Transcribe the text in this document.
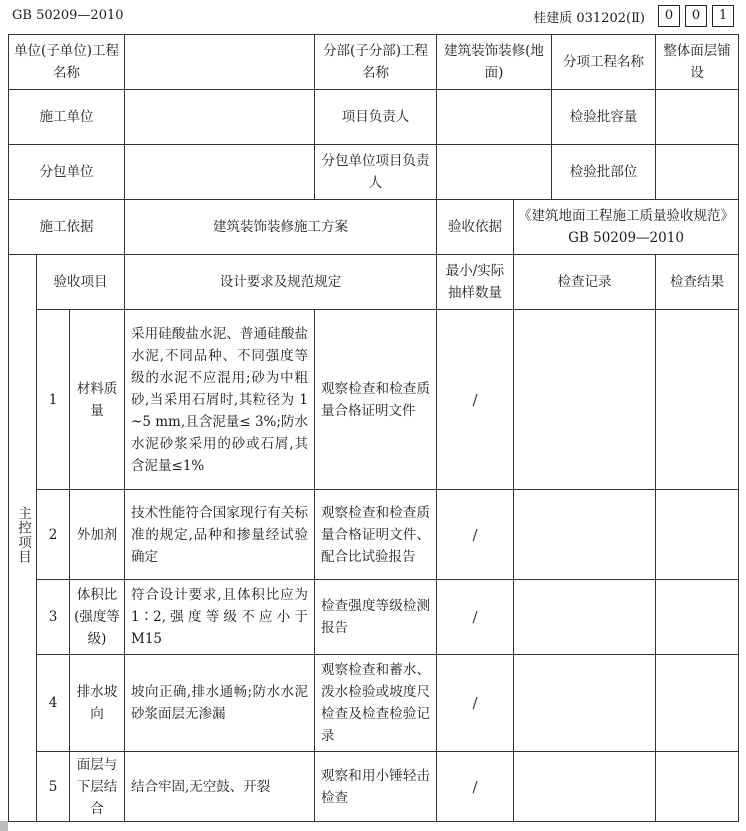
GB 50209—2010	桂建质 031202(Ⅱ)	0	0	1
单位(子单位)工程名称				分部(子分部)工程名称	建筑装饰装修(地面)		分项工程名称	整体面层铺设
施工单位				项目负责人			检验批容量	
分包单位				分包单位项目负责人			检验批部位	
施工依据			建筑装饰装修施工方案		验收依据	《建筑地面工程施工质量验收规范》GB 50209—2010		
主控项目	验收项目		设计要求及规范规定		最小/实际抽样数量	检查记录		检查结果
	1	材料质量	采用硅酸盐水泥、普通硅酸盐水泥,不同品种、不同强度等级的水泥不应混用;砂为中粗砂,当采用石屑时,其粒径为 1 ~5 mm,且含泥量≤ 3%;防水水泥砂浆采用的砂或石屑,其含泥量≤1%	观察检查和检查质量合格证明文件	/			
	2	外加剂	技术性能符合国家现行有关标准的规定,品种和掺量经试验确定	观察检查和检查质量合格证明文件、配合比试验报告	/			
	3	体积比(强度等级)	符合设计要求,且体积比应为 1∶2,强度等级不应小于 M15	检查强度等级检测报告	/			
	4	排水坡向	坡向正确,排水通畅;防水水泥砂浆面层无渗漏	观察检查和蓄水、泼水检验或坡度尺检查及检查检验记录	/			
	5	面层与下层结合	结合牢固,无空鼓、开裂	观察和用小锤轻击检查	/			
